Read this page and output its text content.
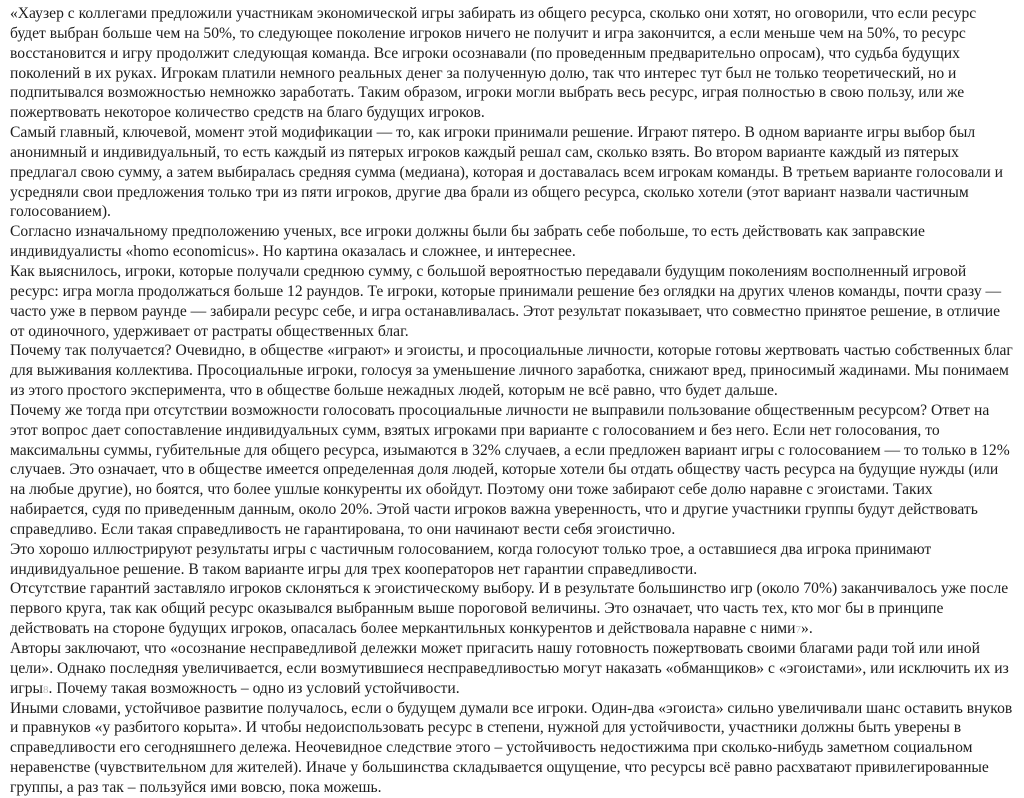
«Хаузер с коллегами предложили участникам экономической игры забирать из общего ресурса, сколько они хотят, но оговорили, что если ресурс будет выбран больше чем на 50%, то следующее поколение игроков ничего не получит и игра закончится, а если меньше чем на 50%, то ресурс восстановится и игру продолжит следующая команда. Все игроки осознавали (по проведенным предварительно опросам), что судьба будущих поколений в их руках. Игрокам платили немного реальных денег за полученную долю, так что интерес тут был не только теоретический, но и подпитывался возможностью немножко заработать. Таким образом, игроки могли выбрать весь ресурс, играя полностью в свою пользу, или же пожертвовать некоторое количество средств на благо будущих игроков.

Самый главный, ключевой, момент этой модификации — то, как игроки принимали решение. Играют пятеро. В одном варианте игры выбор был анонимный и индивидуальный, то есть каждый из пятерых игроков каждый решал сам, сколько взять. Во втором варианте каждый из пятерых предлагал свою сумму, а затем выбиралась средняя сумма (медиана), которая и доставалась всем игрокам команды. В третьем варианте голосовали и усредняли свои предложения только три из пяти игроков, другие два брали из общего ресурса, сколько хотели (этот вариант назвали частичным голосованием).

Согласно изначальному предположению ученых, все игроки должны были бы забрать себе побольше, то есть действовать как заправские индивидуалисты «homo economicus». Но картина оказалась и сложнее, и интереснее.

Как выяснилось, игроки, которые получали среднюю сумму, с большой вероятностью передавали будущим поколениям восполненный игровой ресурс: игра могла продолжаться больше 12 раундов. Те игроки, которые принимали решение без оглядки на других членов команды, почти сразу — часто уже в первом раунде — забирали ресурс себе, и игра останавливалась. Этот результат показывает, что совместно принятое решение, в отличие от одиночного, удерживает от растраты общественных благ.

Почему так получается? Очевидно, в обществе «играют» и эгоисты, и просоциальные личности, которые готовы жертвовать частью собственных благ для выживания коллектива. Просоциальные игроки, голосуя за уменьшение личного заработка, снижают вред, приносимый жадинами. Мы понимаем из этого простого эксперимента, что в обществе больше нежадных людей, которым не всё равно, что будет дальше.

Почему же тогда при отсутствии возможности голосовать просоциальные личности не выправили пользование общественным ресурсом? Ответ на этот вопрос дает сопоставление индивидуальных сумм, взятых игроками при варианте с голосованием и без него. Если нет голосования, то максимальны суммы, губительные для общего ресурса, изымаются в 32% случаев, а если предложен вариант игры с голосованием — то только в 12% случаев. Это означает, что в обществе имеется определенная доля людей, которые хотели бы отдать обществу часть ресурса на будущие нужды (или на любые другие), но боятся, что более ушлые конкуренты их обойдут. Поэтому они тоже забирают себе долю наравне с эгоистами. Таких набирается, судя по приведенным данным, около 20%. Этой части игроков важна уверенность, что и другие участники группы будут действовать справедливо. Если такая справедливость не гарантирована, то они начинают вести себя эгоистично.

Это хорошо иллюстрируют результаты игры с частичным голосованием, когда голосуют только трое, а оставшиеся два игрока принимают индивидуальное решение. В таком варианте игры для трех кооператоров нет гарантии справедливости.

Отсутствие гарантий заставляло игроков склоняться к эгоистическому выбору. И в результате большинство игр (около 70%) заканчивалось уже после первого круга, так как общий ресурс оказывался выбранным выше пороговой величины. Это означает, что часть тех, кто мог бы в принципе действовать на стороне будущих игроков, опасалась более меркантильных конкурентов и действовала наравне с ними7».

Авторы заключают, что «осознание несправедливой дележки может пригасить нашу готовность пожертвовать своими благами ради той или иной цели». Однако последняя увеличивается, если возмутившиеся несправедливостью могут наказать «обманщиков» с «эгоистами», или исключить их из игры8. Почему такая возможность – одно из условий устойчивости.

Иными словами, устойчивое развитие получалось, если о будущем думали все игроки. Один-два «эгоиста» сильно увеличивали шанс оставить внуков и правнуков «у разбитого корыта». И чтобы недоиспользовать ресурс в степени, нужной для устойчивости, участники должны быть уверены в справедливости его сегодняшнего дележа. Неочевидное следствие этого – устойчивость недостижима при сколько-нибудь заметном социальном неравенстве (чувствительном для жителей). Иначе у большинства складывается ощущение, что ресурсы всё равно расхватают привилегированные группы, а раз так – пользуйся ими вовсю, пока можешь.
